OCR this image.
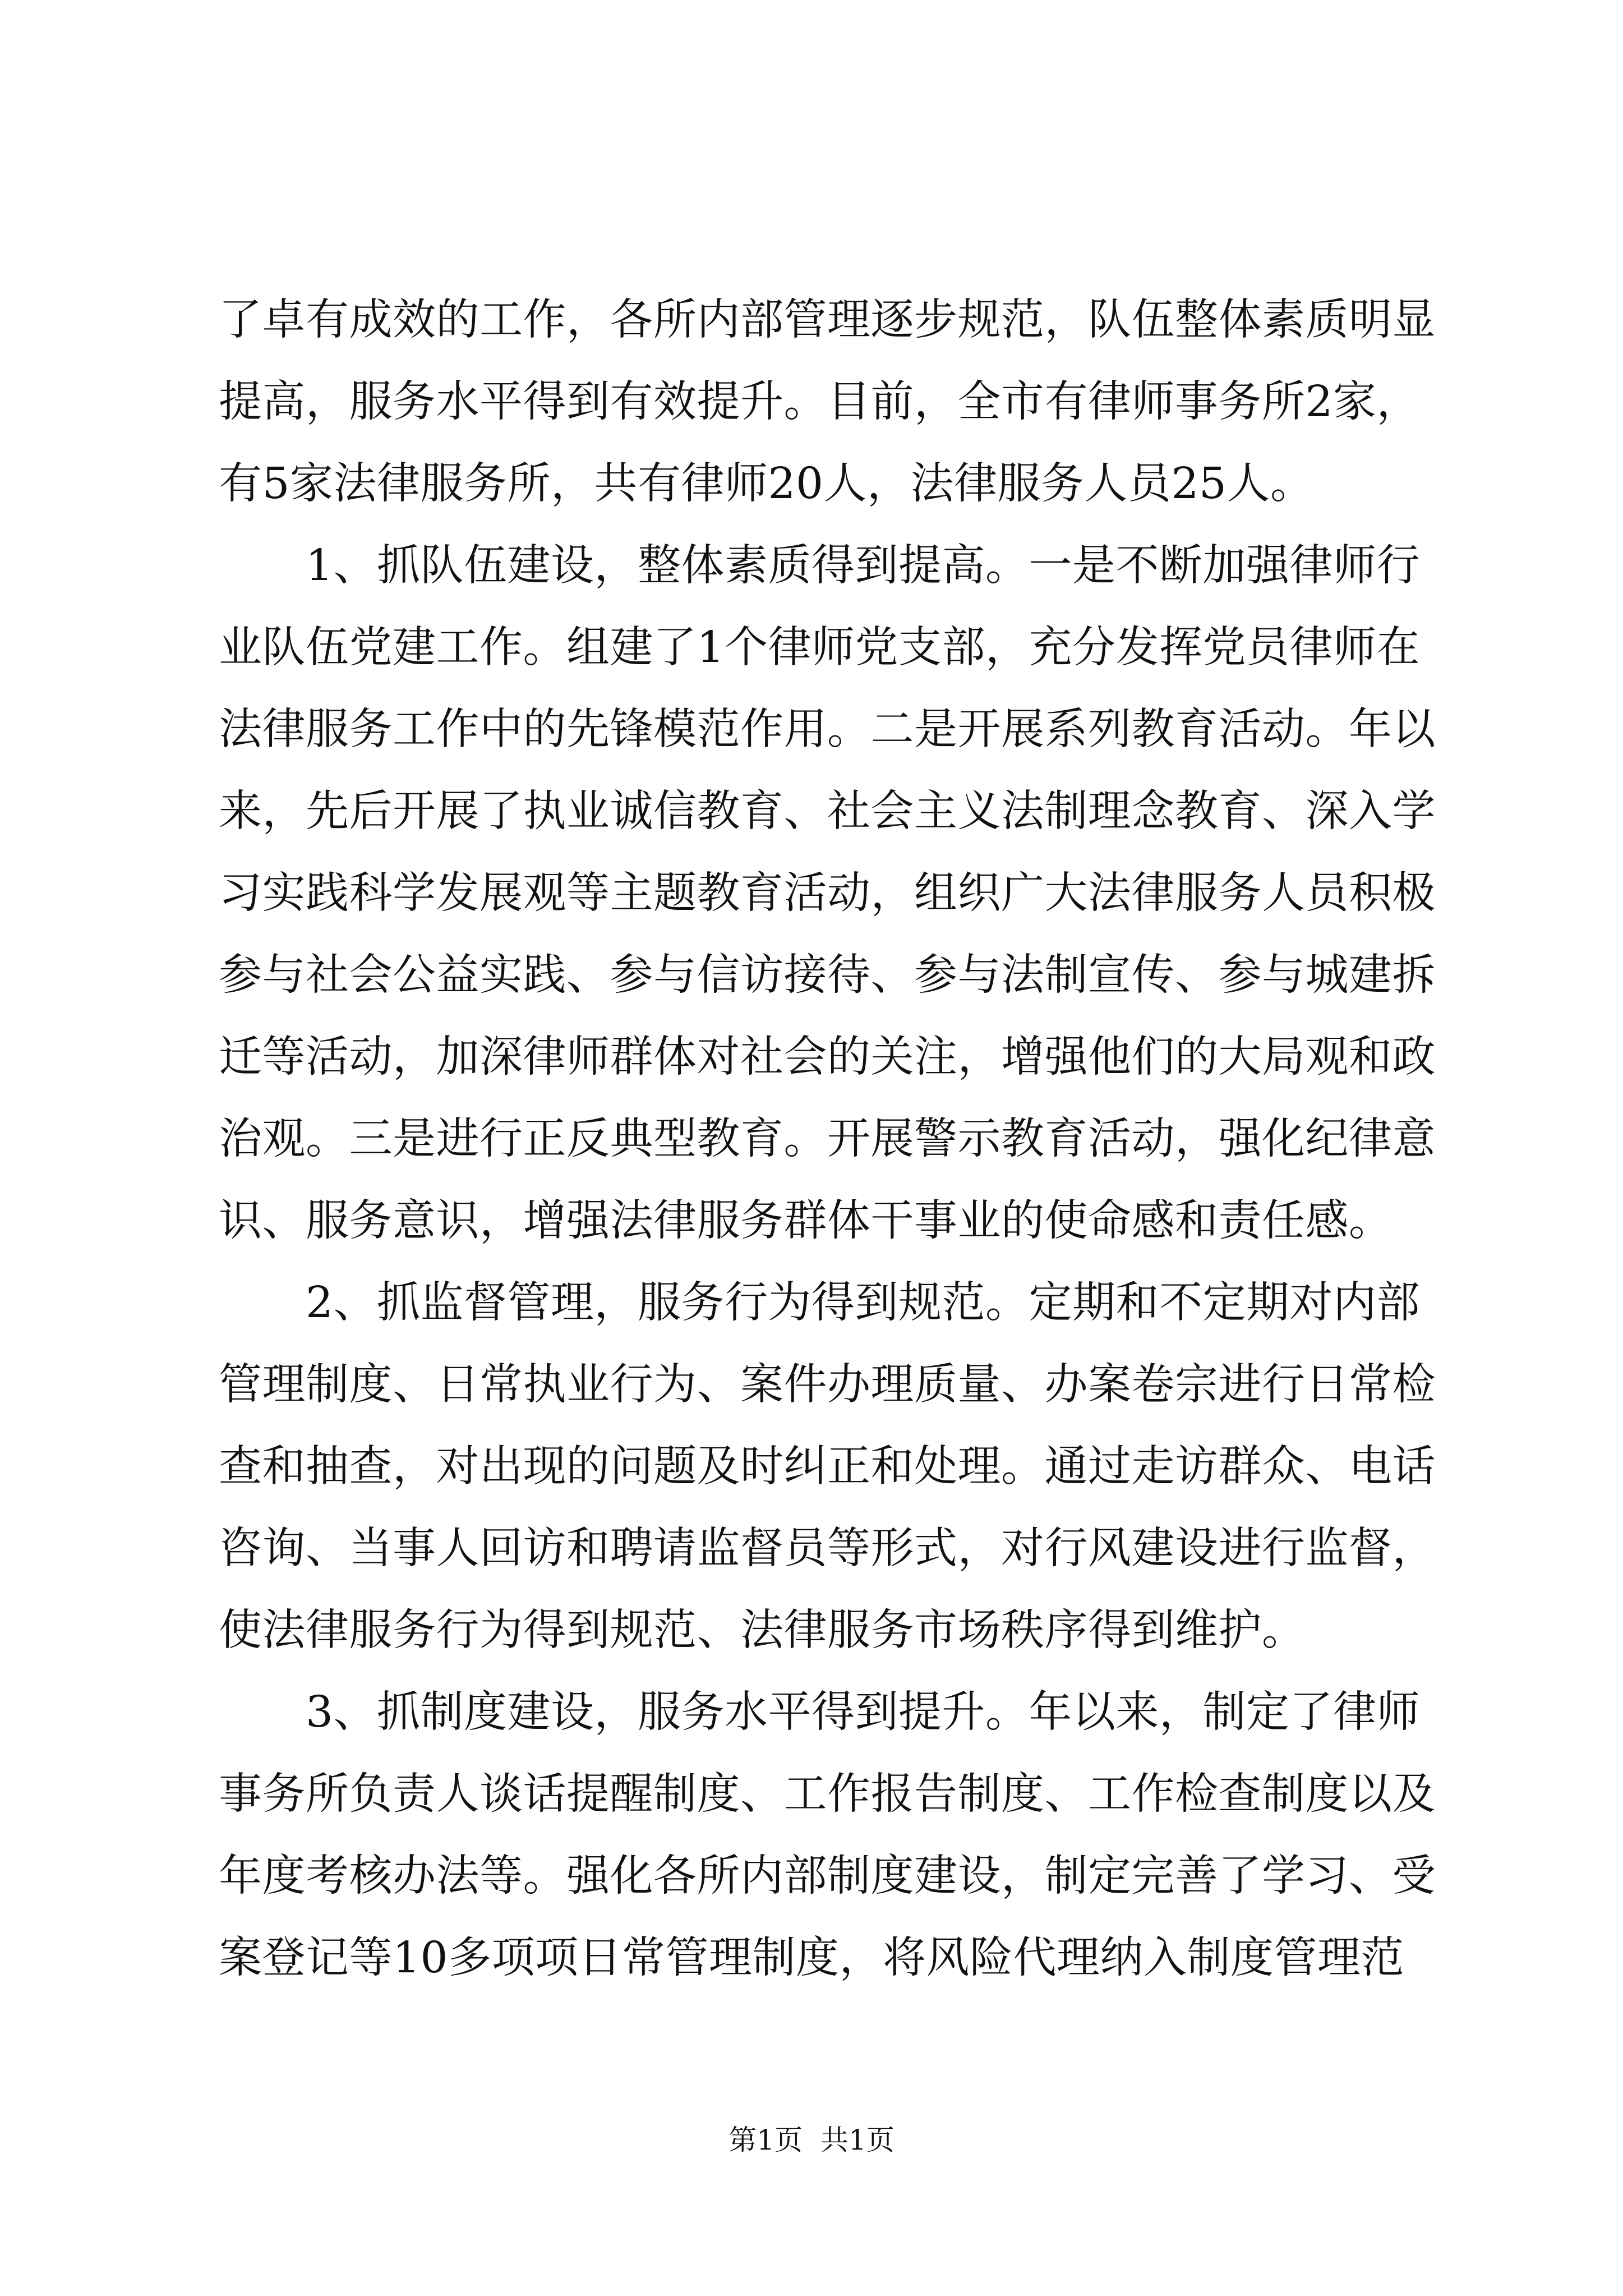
了卓有成效的工作，各所内部管理逐步规范，队伍整体素质明显
提高，服务水平得到有效提升。目前，全市有律师事务所2家，
有5家法律服务所，共有律师20人，法律服务人员25人。
　　1、抓队伍建设，整体素质得到提高。一是不断加强律师行
业队伍党建工作。组建了1个律师党支部，充分发挥党员律师在
法律服务工作中的先锋模范作用。二是开展系列教育活动。年以
来，先后开展了执业诚信教育、社会主义法制理念教育、深入学
习实践科学发展观等主题教育活动，组织广大法律服务人员积极
参与社会公益实践、参与信访接待、参与法制宣传、参与城建拆
迁等活动，加深律师群体对社会的关注，增强他们的大局观和政
治观。三是进行正反典型教育。开展警示教育活动，强化纪律意
识、服务意识，增强法律服务群体干事业的使命感和责任感。
　　2、抓监督管理，服务行为得到规范。定期和不定期对内部
管理制度、日常执业行为、案件办理质量、办案卷宗进行日常检
查和抽查，对出现的问题及时纠正和处理。通过走访群众、电话
咨询、当事人回访和聘请监督员等形式，对行风建设进行监督，
使法律服务行为得到规范、法律服务市场秩序得到维护。
　　3、抓制度建设，服务水平得到提升。年以来，制定了律师
事务所负责人谈话提醒制度、工作报告制度、工作检查制度以及
年度考核办法等。强化各所内部制度建设，制定完善了学习、受
案登记等10多项项日常管理制度，将风险代理纳入制度管理范
第1页  共1页
